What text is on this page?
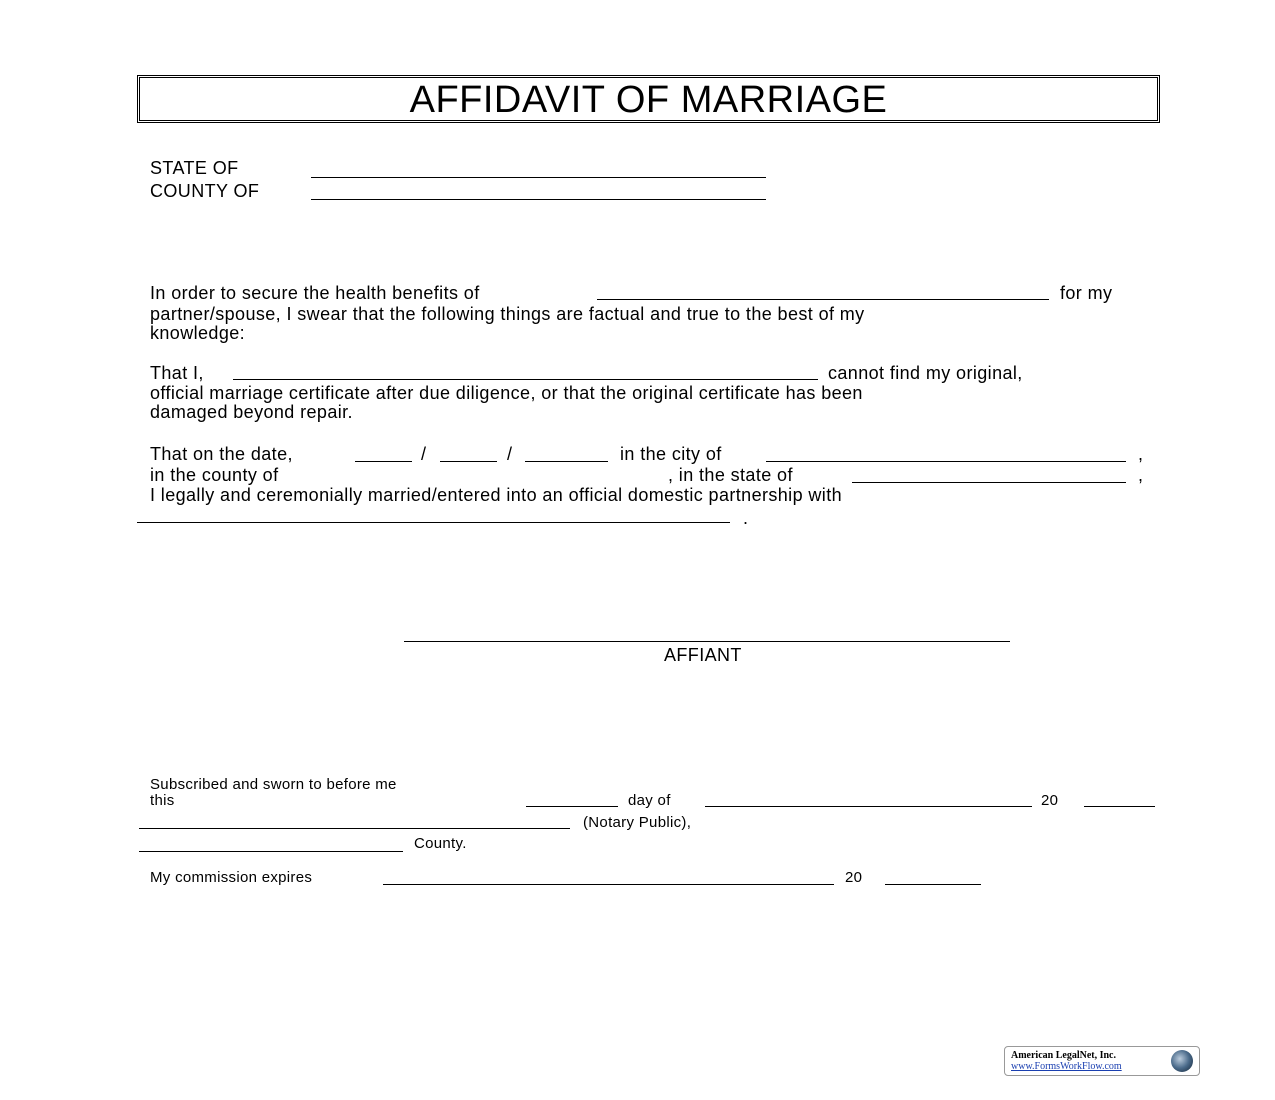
AFFIDAVIT OF MARRIAGE
STATE OF
COUNTY OF
In order to secure the health benefits of	for my
partner/spouse, I swear that the following things are factual and true to the best of my
knowledge:
That I,	cannot find my original,
official marriage certificate after due diligence, or that the original certificate has been
damaged beyond repair.
That on the date,	/	/	in the city of	,
in the county of	, in the state of	,
I legally and ceremonially married/entered into an official domestic partnership with
.
AFFIANT
Subscribed and sworn to before me
this	day of	20
(Notary Public),
County.
My commission expires	20
American LegalNet, Inc.
www.FormsWorkFlow.com
